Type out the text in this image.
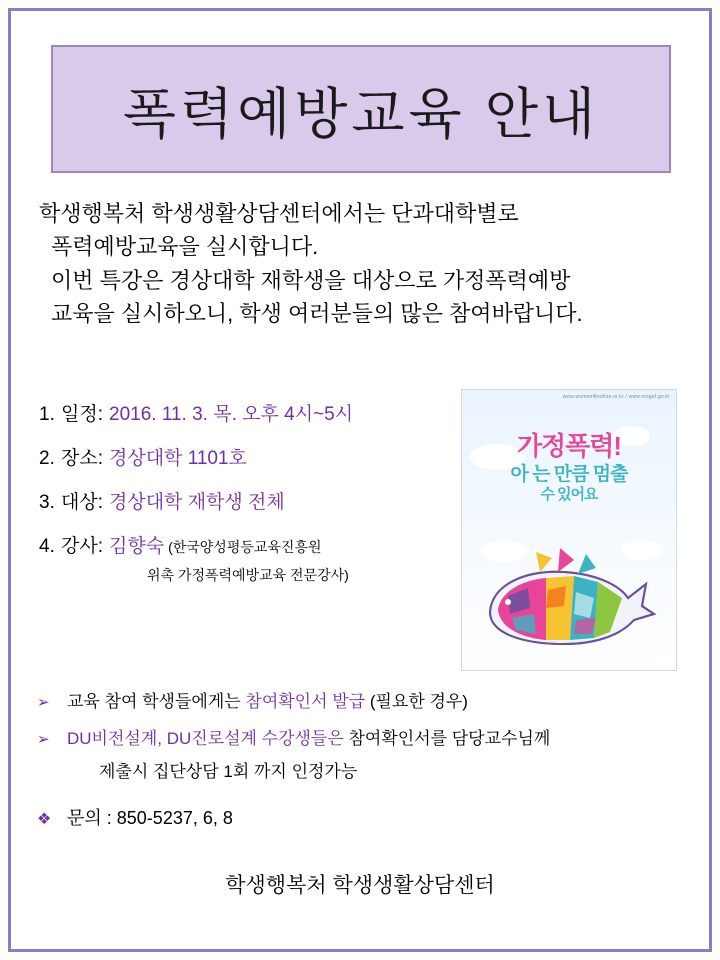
폭력예방교육 안내
학생행복처 학생생활상담센터에서는 단과대학별로
폭력예방교육을 실시합니다.
이번 특강은 경상대학 재학생을 대상으로 가정폭력예방
교육을 실시하오니, 학생 여러분들의 많은 참여바랍니다.
1. 일정: 2016. 11. 3. 목. 오후 4시~5시
2. 장소: 경상대학 1101호
3. 대상: 경상대학 재학생 전체
4. 강사: 김향숙 (한국양성평등교육진흥원
위촉 가정폭력예방교육 전문강사)
www.women4hotline.or.kr / www.mogef.go.kr
가정폭력!
아 는 만큼 멈출
수 있어요
➢	교육 참여 학생들에게는 참여확인서 발급 (필요한 경우)
➢	DU비전설계, DU진로설계 수강생들은 참여확인서를 담당교수님께
제출시 집단상담 1회 까지 인정가능
❖ 문의 : 850-5237, 6, 8
학생행복처 학생생활상담센터
